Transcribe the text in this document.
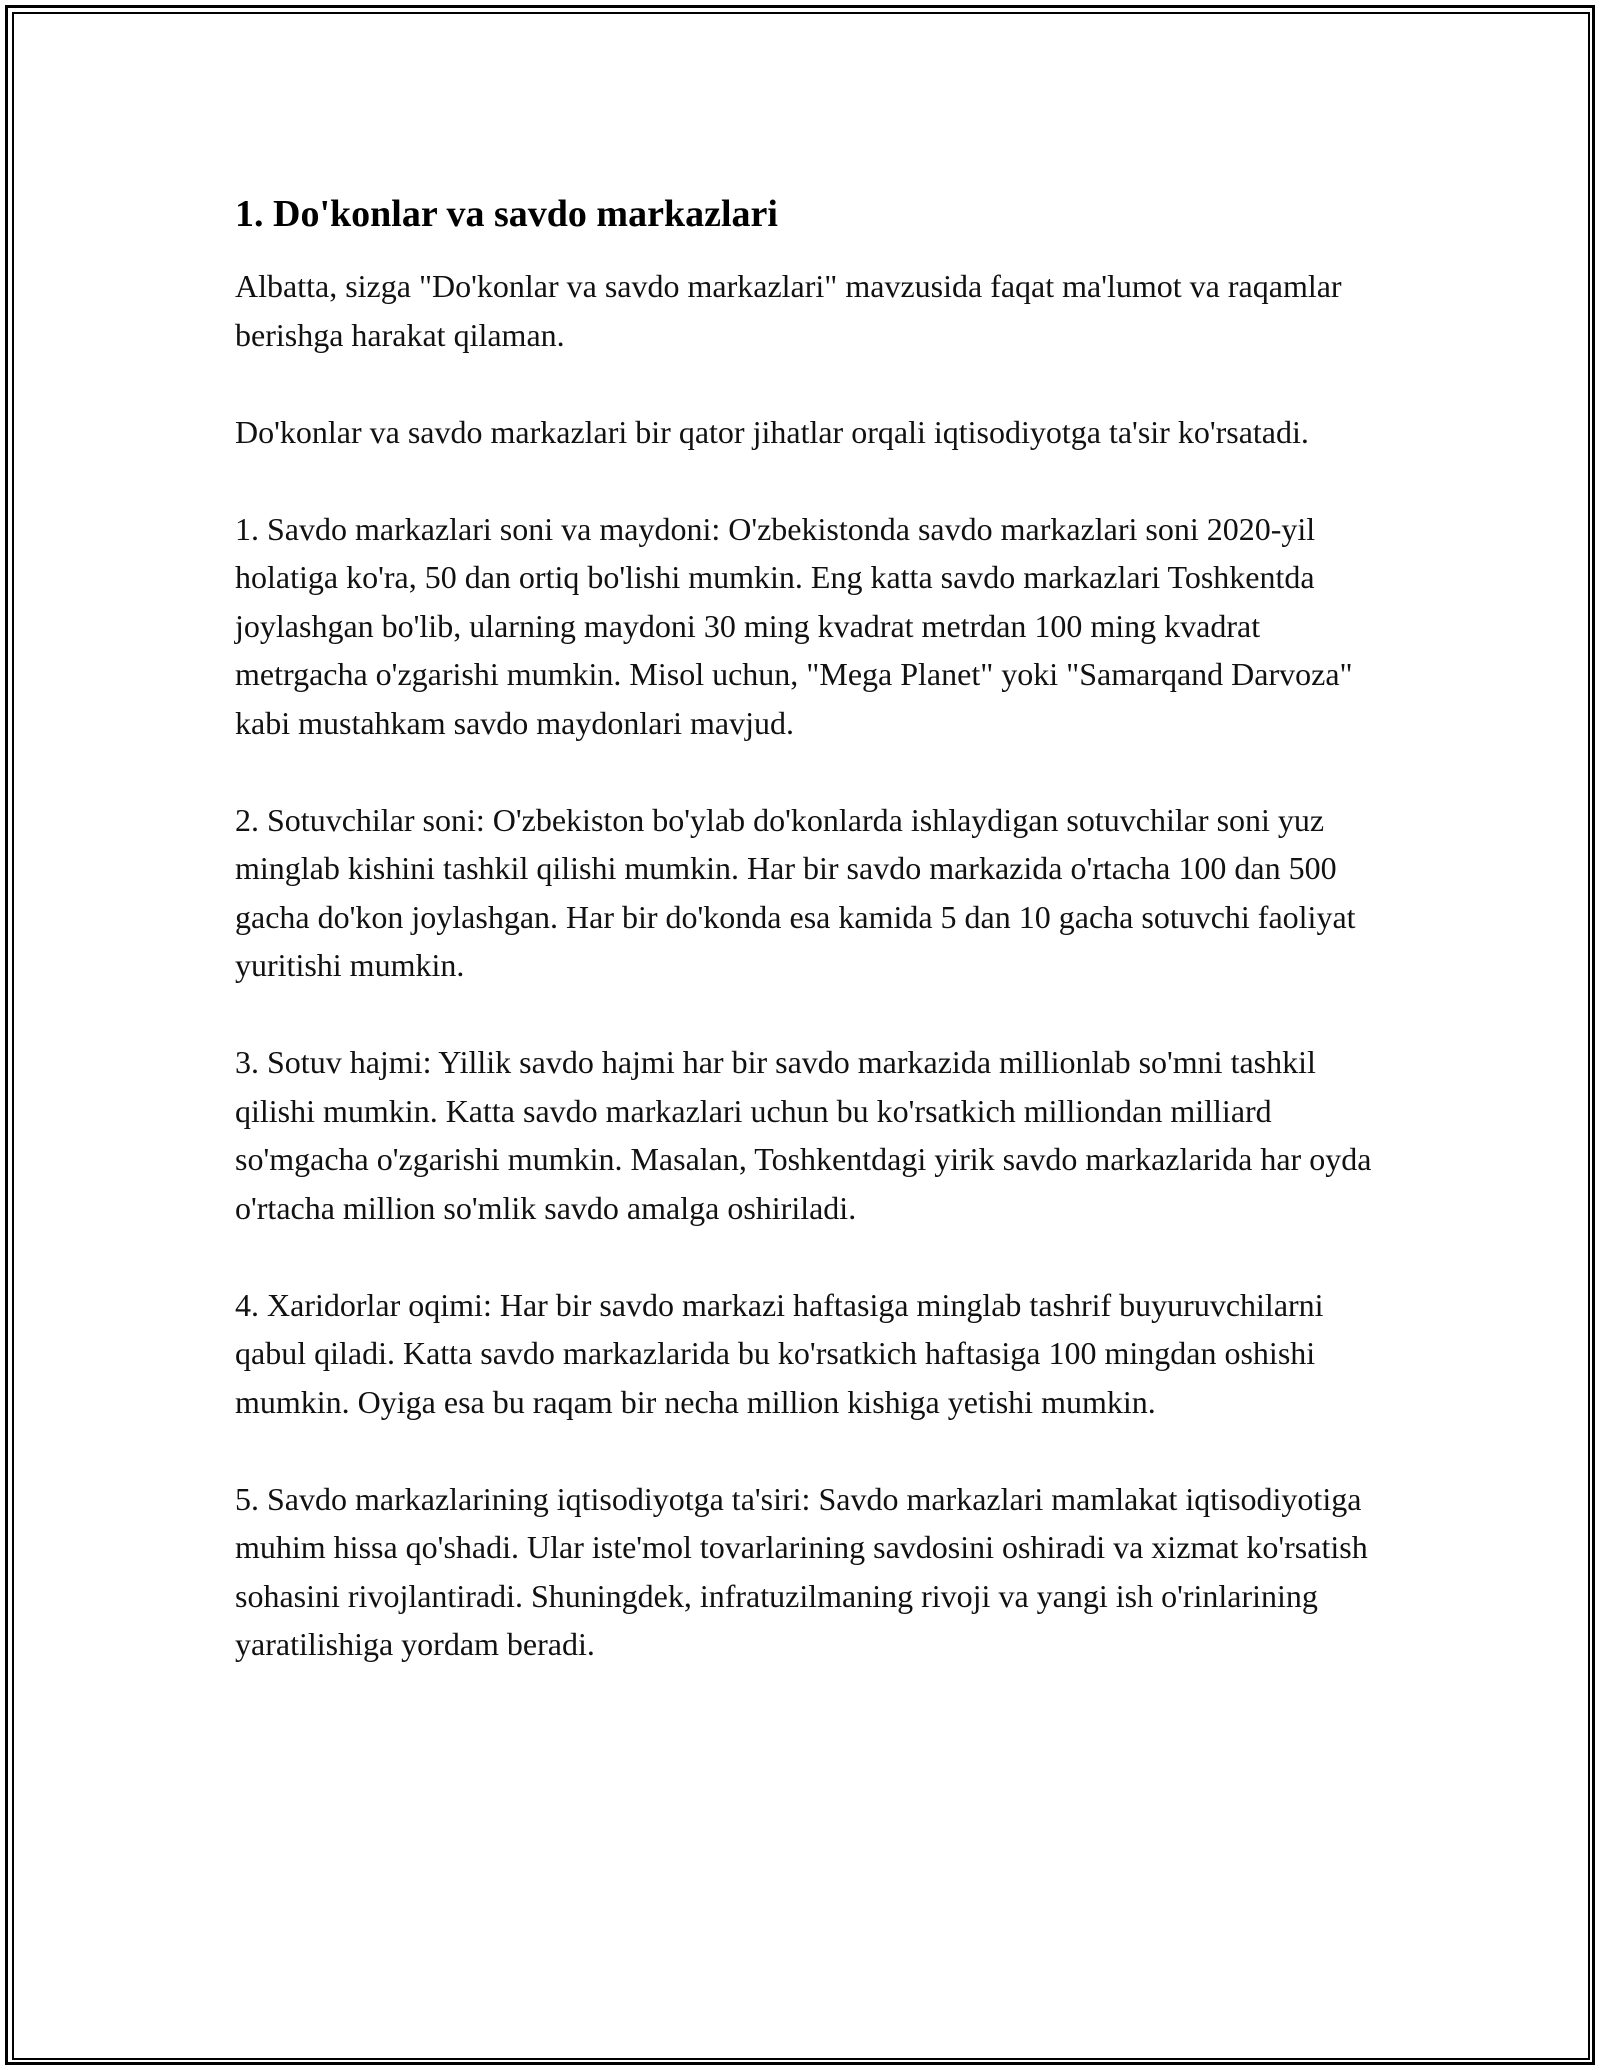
1. Do'konlar va savdo markazlari

Albatta, sizga "Do'konlar va savdo markazlari" mavzusida faqat ma'lumot va raqamlar berishga harakat qilaman.

Do'konlar va savdo markazlari bir qator jihatlar orqali iqtisodiyotga ta'sir ko'rsatadi.

1. Savdo markazlari soni va maydoni: O'zbekistonda savdo markazlari soni 2020-yil holatiga ko'ra, 50 dan ortiq bo'lishi mumkin. Eng katta savdo markazlari Toshkentda joylashgan bo'lib, ularning maydoni 30 ming kvadrat metrdan 100 ming kvadrat metrgacha o'zgarishi mumkin. Misol uchun, "Mega Planet" yoki "Samarqand Darvoza" kabi mustahkam savdo maydonlari mavjud.

2. Sotuvchilar soni: O'zbekiston bo'ylab do'konlarda ishlaydigan sotuvchilar soni yuz minglab kishini tashkil qilishi mumkin. Har bir savdo markazida o'rtacha 100 dan 500 gacha do'kon joylashgan. Har bir do'konda esa kamida 5 dan 10 gacha sotuvchi faoliyat yuritishi mumkin.

3. Sotuv hajmi: Yillik savdo hajmi har bir savdo markazida millionlab so'mni tashkil qilishi mumkin. Katta savdo markazlari uchun bu ko'rsatkich milliondan milliard so'mgacha o'zgarishi mumkin. Masalan, Toshkentdagi yirik savdo markazlarida har oyda o'rtacha million so'mlik savdo amalga oshiriladi.

4. Xaridorlar oqimi: Har bir savdo markazi haftasiga minglab tashrif buyuruvchilarni qabul qiladi. Katta savdo markazlarida bu ko'rsatkich haftasiga 100 mingdan oshishi mumkin. Oyiga esa bu raqam bir necha million kishiga yetishi mumkin.

5. Savdo markazlarining iqtisodiyotga ta'siri: Savdo markazlari mamlakat iqtisodiyotiga muhim hissa qo'shadi. Ular iste'mol tovarlarining savdosini oshiradi va xizmat ko'rsatish sohasini rivojlantiradi. Shuningdek, infratuzilmaning rivoji va yangi ish o'rinlarining yaratilishiga yordam beradi.
